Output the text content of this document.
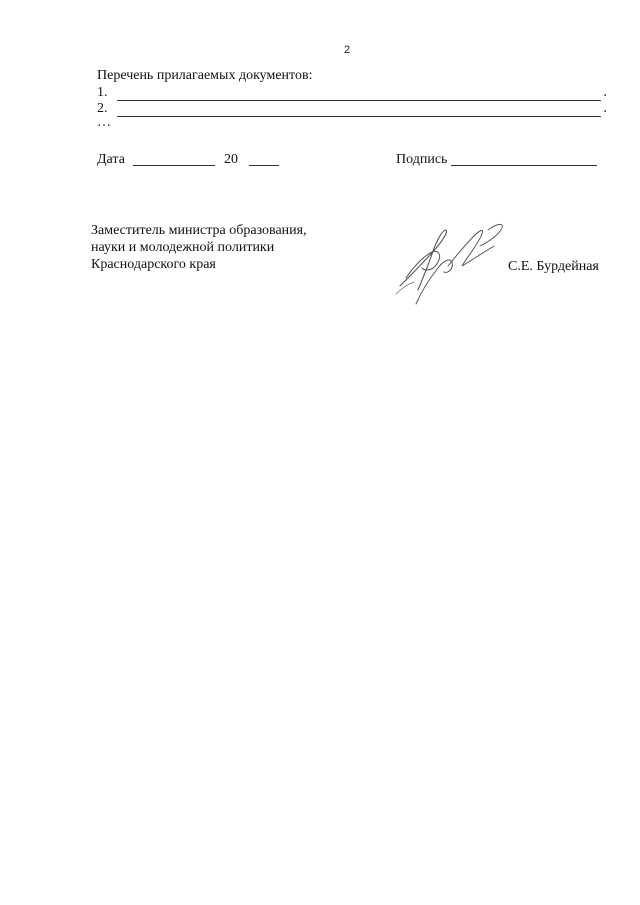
2
Перечень прилагаемых документов:
1.	.
2.	.
…
Дата	20	Подпись
Заместитель министра образования,
науки и молодежной политики
Краснодарского края	С.Е. Бурдейная
